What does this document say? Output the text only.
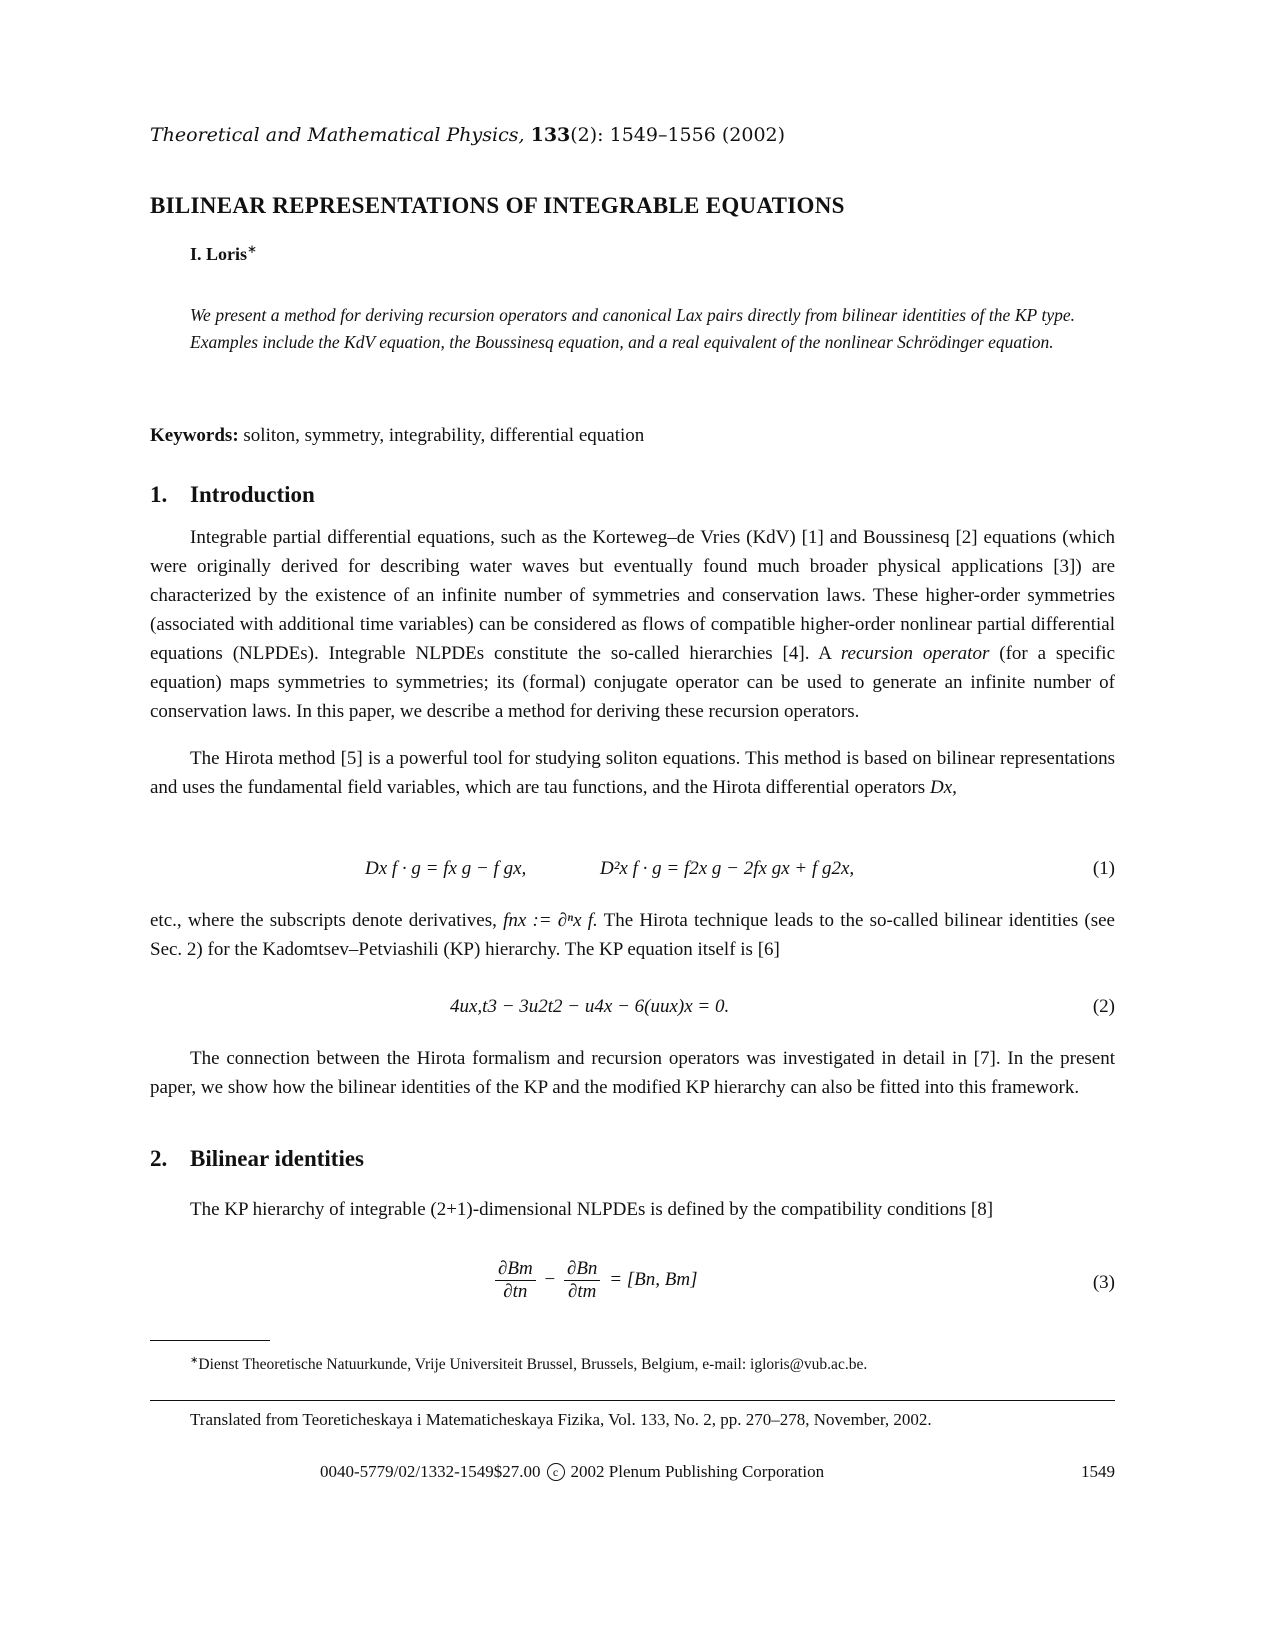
Theoretical and Mathematical Physics, 133(2): 1549–1556 (2002)
BILINEAR REPRESENTATIONS OF INTEGRABLE EQUATIONS
I. Loris∗
We present a method for deriving recursion operators and canonical Lax pairs directly from bilinear identities of the KP type. Examples include the KdV equation, the Boussinesq equation, and a real equivalent of the nonlinear Schrödinger equation.
Keywords: soliton, symmetry, integrability, differential equation
1. Introduction
Integrable partial differential equations, such as the Korteweg–de Vries (KdV) [1] and Boussinesq [2] equations (which were originally derived for describing water waves but eventually found much broader physical applications [3]) are characterized by the existence of an infinite number of symmetries and conservation laws. These higher-order symmetries (associated with additional time variables) can be considered as flows of compatible higher-order nonlinear partial differential equations (NLPDEs). Integrable NLPDEs constitute the so-called hierarchies [4]. A recursion operator (for a specific equation) maps symmetries to symmetries; its (formal) conjugate operator can be used to generate an infinite number of conservation laws. In this paper, we describe a method for deriving these recursion operators.
The Hirota method [5] is a powerful tool for studying soliton equations. This method is based on bilinear representations and uses the fundamental field variables, which are tau functions, and the Hirota differential operators Dx,
Dx f · g = fx g − f gx,	D²x f · g = f2x g − 2fx gx + f g2x,	(1)
etc., where the subscripts denote derivatives, fnx := ∂ⁿx f. The Hirota technique leads to the so-called bilinear identities (see Sec. 2) for the Kadomtsev–Petviashili (KP) hierarchy. The KP equation itself is [6]
4ux,t3 − 3u2t2 − u4x − 6(uux)x = 0.	(2)
The connection between the Hirota formalism and recursion operators was investigated in detail in [7]. In the present paper, we show how the bilinear identities of the KP and the modified KP hierarchy can also be fitted into this framework.
2. Bilinear identities
The KP hierarchy of integrable (2+1)-dimensional NLPDEs is defined by the compatibility conditions [8]
$\frac{\partial Bm}{\partial tn} - \frac{\partial Bn}{\partial tm} = [Bn$, Bm]	(3)
∗Dienst Theoretische Natuurkunde, Vrije Universiteit Brussel, Brussels, Belgium, e-mail: igloris@vub.ac.be.
Translated from Teoreticheskaya i Matematicheskaya Fizika, Vol. 133, No. 2, pp. 270–278, November, 2002.
0040-5779/02/1332-1549$27.00 c 2002 Plenum Publishing Corporation	1549
